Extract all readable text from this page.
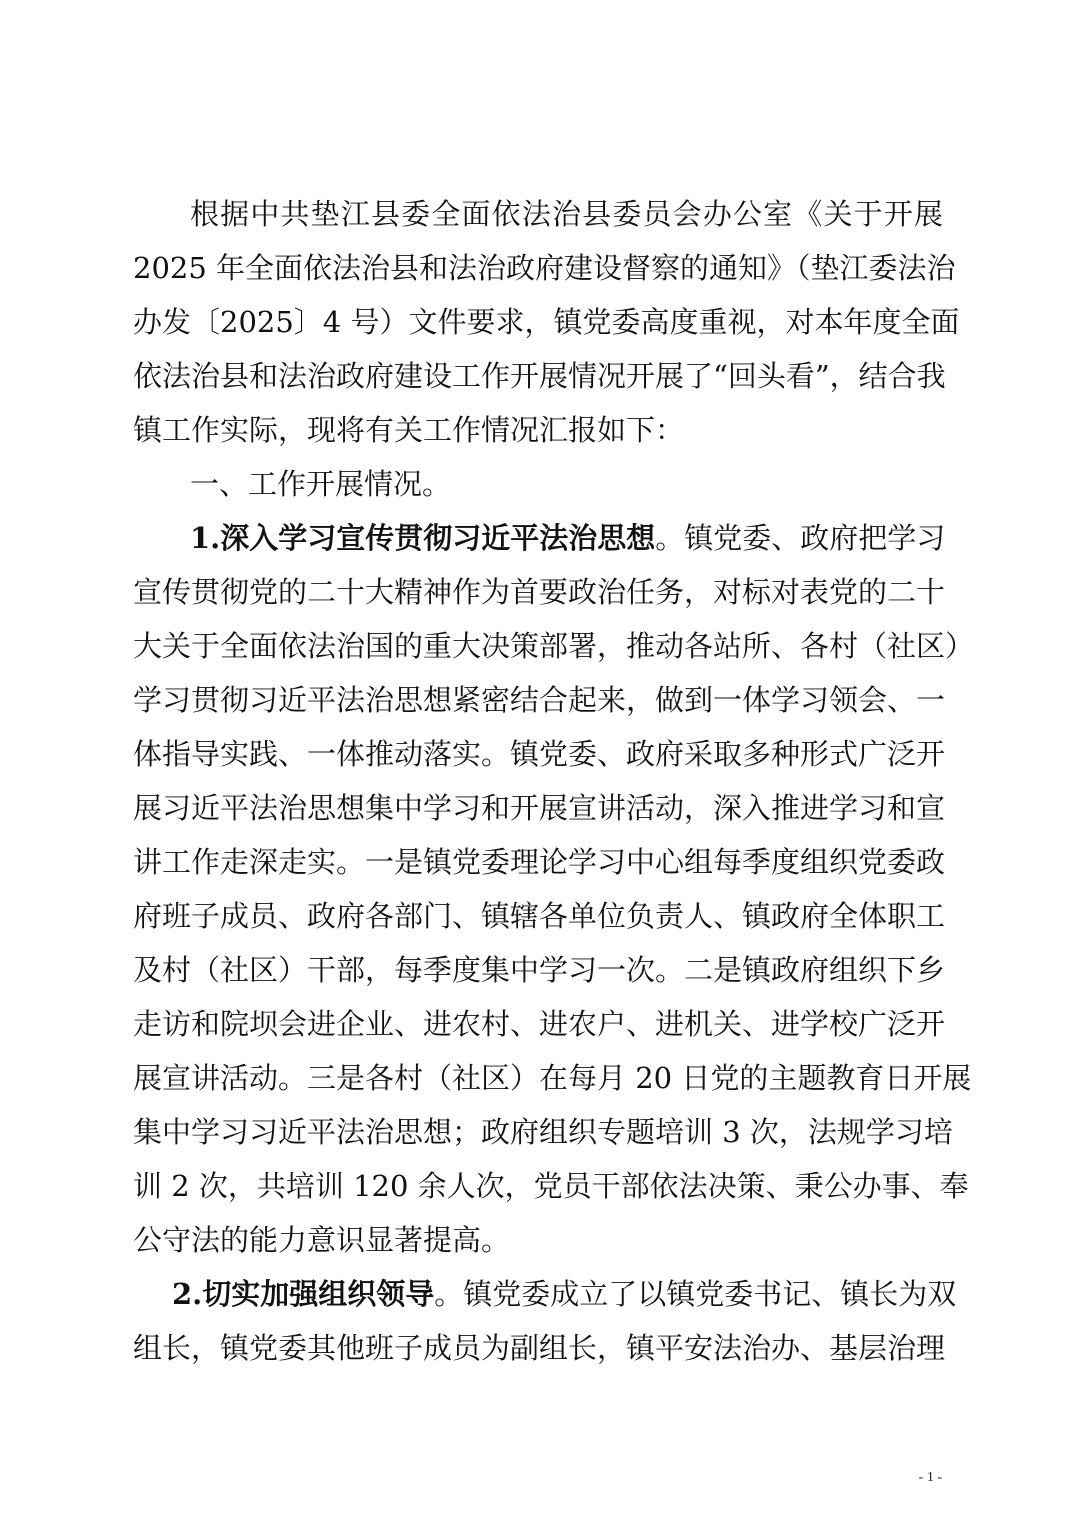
根据中共垫江县委全面依法治县委员会办公室《关于开展
2025 年全面依法治县和法治政府建设督察的通知》（垫江委法治
办发〔2025〕4 号）文件要求，镇党委高度重视，对本年度全面
依法治县和法治政府建设工作开展情况开展了“回头看”，结合我
镇工作实际，现将有关工作情况汇报如下：
一、工作开展情况。
1.深入学习宣传贯彻习近平法治思想。镇党委、政府把学习
宣传贯彻党的二十大精神作为首要政治任务，对标对表党的二十
大关于全面依法治国的重大决策部署，推动各站所、各村（社区）
学习贯彻习近平法治思想紧密结合起来，做到一体学习领会、一
体指导实践、一体推动落实。镇党委、政府采取多种形式广泛开
展习近平法治思想集中学习和开展宣讲活动，深入推进学习和宣
讲工作走深走实。一是镇党委理论学习中心组每季度组织党委政
府班子成员、政府各部门、镇辖各单位负责人、镇政府全体职工
及村（社区）干部，每季度集中学习一次。二是镇政府组织下乡
走访和院坝会进企业、进农村、进农户、进机关、进学校广泛开
展宣讲活动。三是各村（社区）在每月 20 日党的主题教育日开展
集中学习习近平法治思想；政府组织专题培训 3 次，法规学习培
训 2 次，共培训 120 余人次，党员干部依法决策、秉公办事、奉
公守法的能力意识显著提高。
2.切实加强组织领导。镇党委成立了以镇党委书记、镇长为双
组长，镇党委其他班子成员为副组长，镇平安法治办、基层治理
- 1 -
